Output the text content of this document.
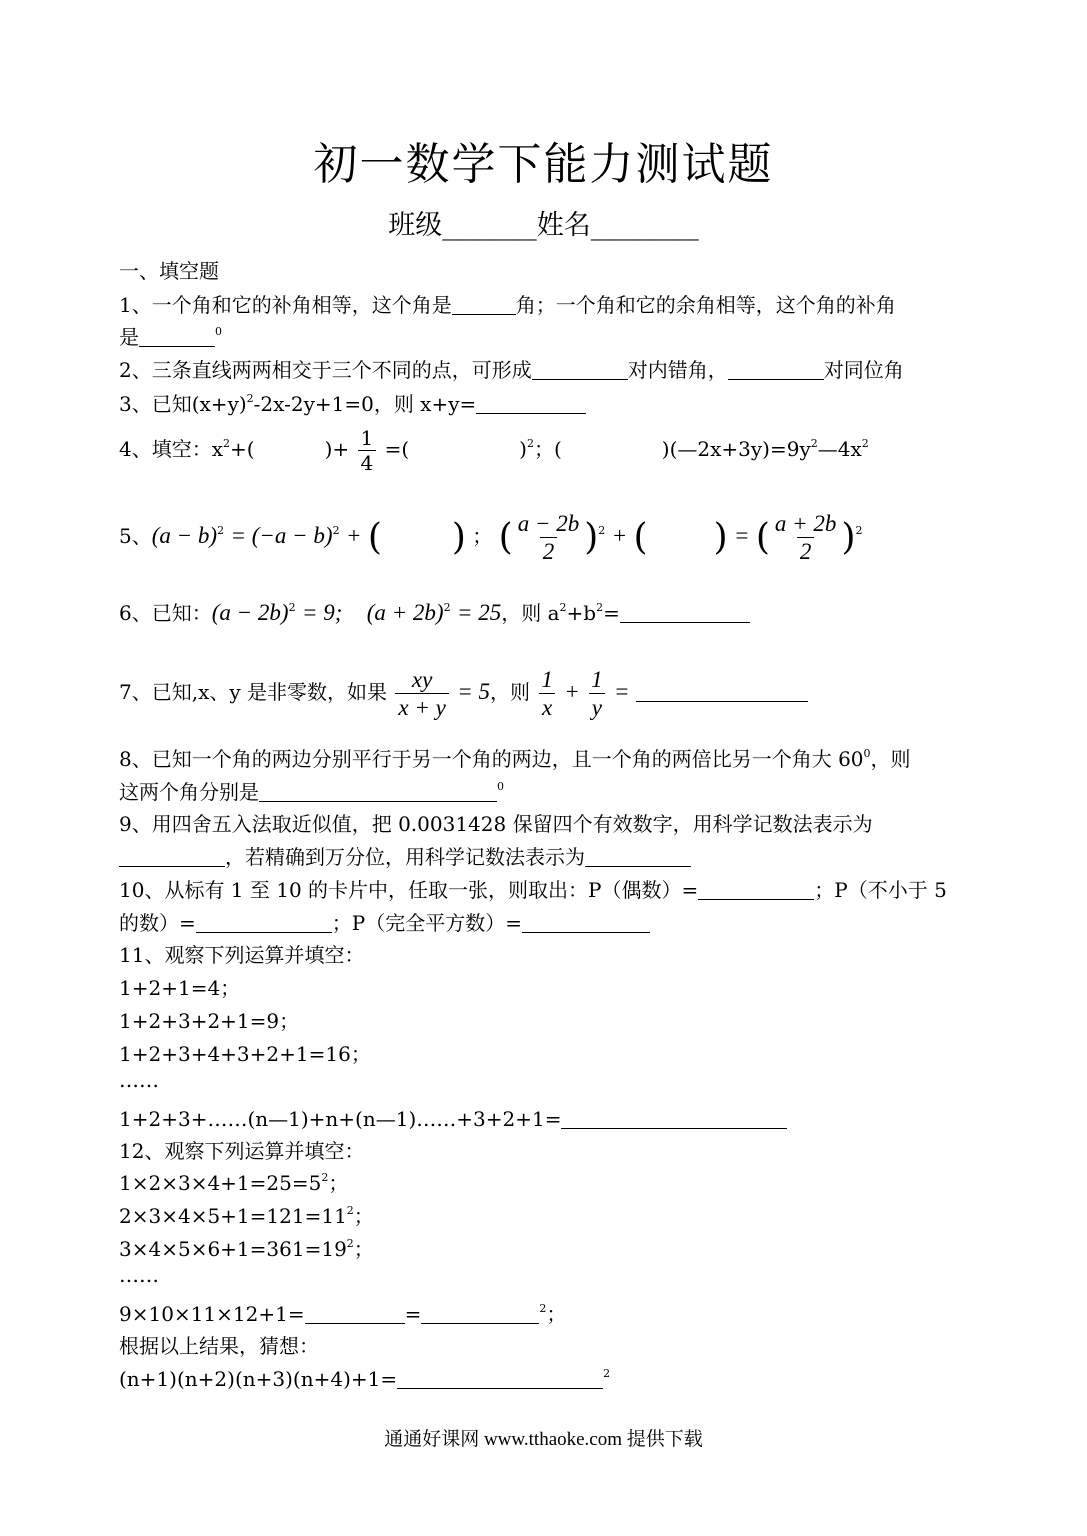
初一数学下能力测试题
班级_______姓名________
一、填空题
1、一个角和它的补角相等，这个角是	角；一个角和它的余角相等，这个角的补角
是	$^0$
2、三条直线两两相交于三个不同的点，可形成	对内错角，	对同位角
3、已知$(x+y)^2-2x-2y+1=0$，则 x+y=
4、填空：$x^2+$(	)+ $\frac{1}{4}$ =(	)$^2$；(	)$(—2x+3y)=9y^2—4x^2$
5、$(a - b)^2 = (-a - b)^2$ + ( ) ； ( $\frac{a - 2b}{2} )^2$ + ( ) = ( $\frac{a + 2b}{2} )^2$
6、已知：$(a - 2b)^2 = 9$; $(a + 2b)^2 = 25$，则 $a^2+b^2=$
7、已知,x、y 是非零数，如果 $\frac{xy}{x + y} = 5$，则 $\frac{1}{x} + \frac{1}{y}$ =
8、已知一个角的两边分别平行于另一个角的两边，且一个角的两倍比另一个角大 $60^0$，则
这两个角分别是	$^0$
9、用四舍五入法取近似值，把 0.0031428 保留四个有效数字，用科学记数法表示为
，若精确到万分位，用科学记数法表示为
10、从标有 1 至 10 的卡片中，任取一张，则取出：P（偶数）=	；P（不小于 5
的数）=	；P（完全平方数）=
11、观察下列运算并填空：
1+2+1=4；
1+2+3+2+1=9；
1+2+3+4+3+2+1=16；
……
1+2+3+……(n—1)+n+(n—1)……+3+2+1=
12、观察下列运算并填空：
$1\times 2\times 3\times 4+1=25=5^2$；
$2\times 3\times 4\times 5+1=121=11^2$；
$3\times 4\times 5\times 6+1=361=19^2$；
……
9×10×11×12+1=	=	$^2$；
根据以上结果，猜想：
(n+1)(n+2)(n+3)(n+4)+1=	$^2$
通通好课网 www.tthaoke.com 提供下载
